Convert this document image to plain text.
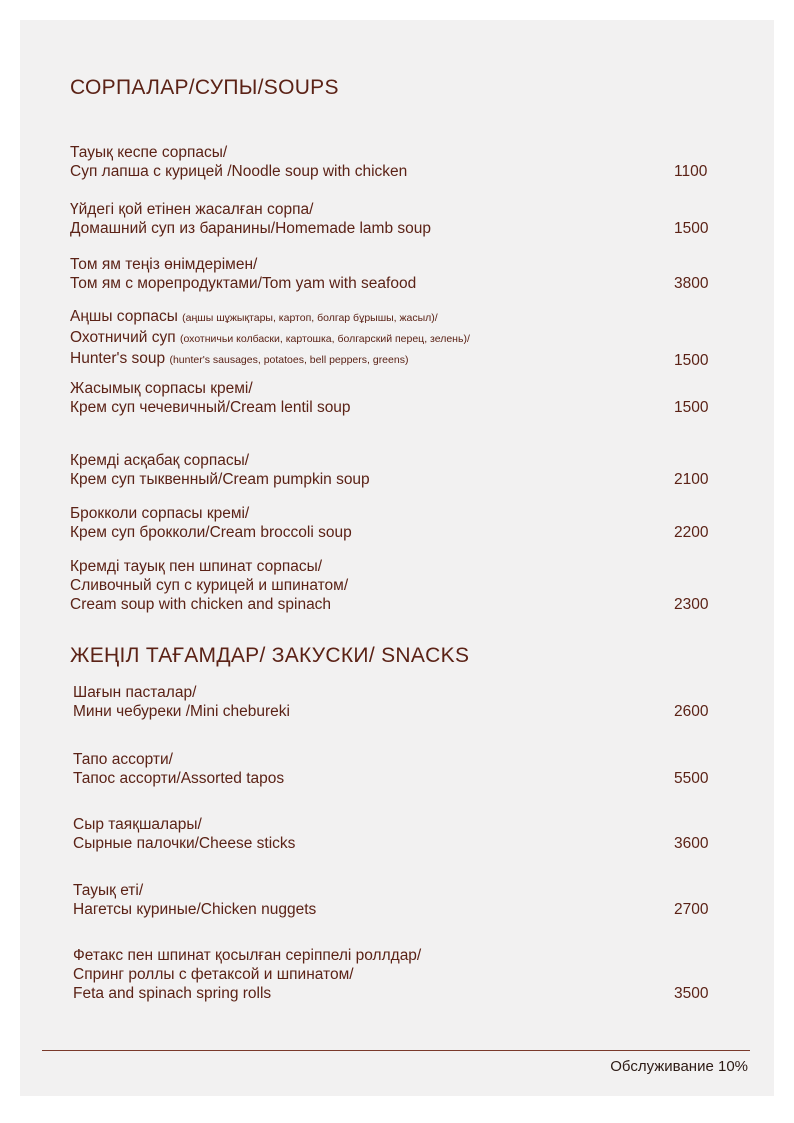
СОРПАЛАР/СУПЫ/SOUPS
Тауық кеспе сорпасы/
Суп лапша с курицей /Noodle soup with chicken	1100
Үйдегі қой етінен жасалған сорпа/
Домашний суп из баранины/Homemade lamb soup	1500
Том ям теңіз өнімдерімен/
Том ям с морепродуктами/Tom yam with seafood	3800
Аңшы сорпасы (аңшы шұжықтары, картоп, болгар бұрышы, жасыл)/
Охотничий суп (охотничьи колбаски, картошка, болгарский перец, зелень)/
Hunter's soup (hunter's sausages, potatoes, bell peppers, greens)	1500
Жасымық сорпасы кремі/
Крем суп чечевичный/Cream lentil soup	1500
Кремді асқабақ сорпасы/
Крем суп тыквенный/Cream pumpkin soup	2100
Брокколи сорпасы кремі/
Крем суп брокколи/Cream broccoli soup	2200
Кремді тауық пен шпинат сорпасы/
Сливочный суп с курицей и шпинатом/
Cream soup with chicken and spinach	2300
ЖЕҢІЛ ТАҒАМДАР/ ЗАКУСКИ/ SNACKS
Шағын пасталар/
Мини чебуреки /Mini chebureki	2600
Тапо ассорти/
Тапос ассорти/Assorted tapos	5500
Сыр таяқшалары/
Сырные палочки/Cheese sticks	3600
Тауық еті/
Нагетсы куриные/Chicken nuggets	2700
Фетакс пен шпинат қосылған серіппелі роллдар/
Спринг роллы с фетаксой и шпинатом/
Feta and spinach spring rolls	3500
Обслуживание 10%
